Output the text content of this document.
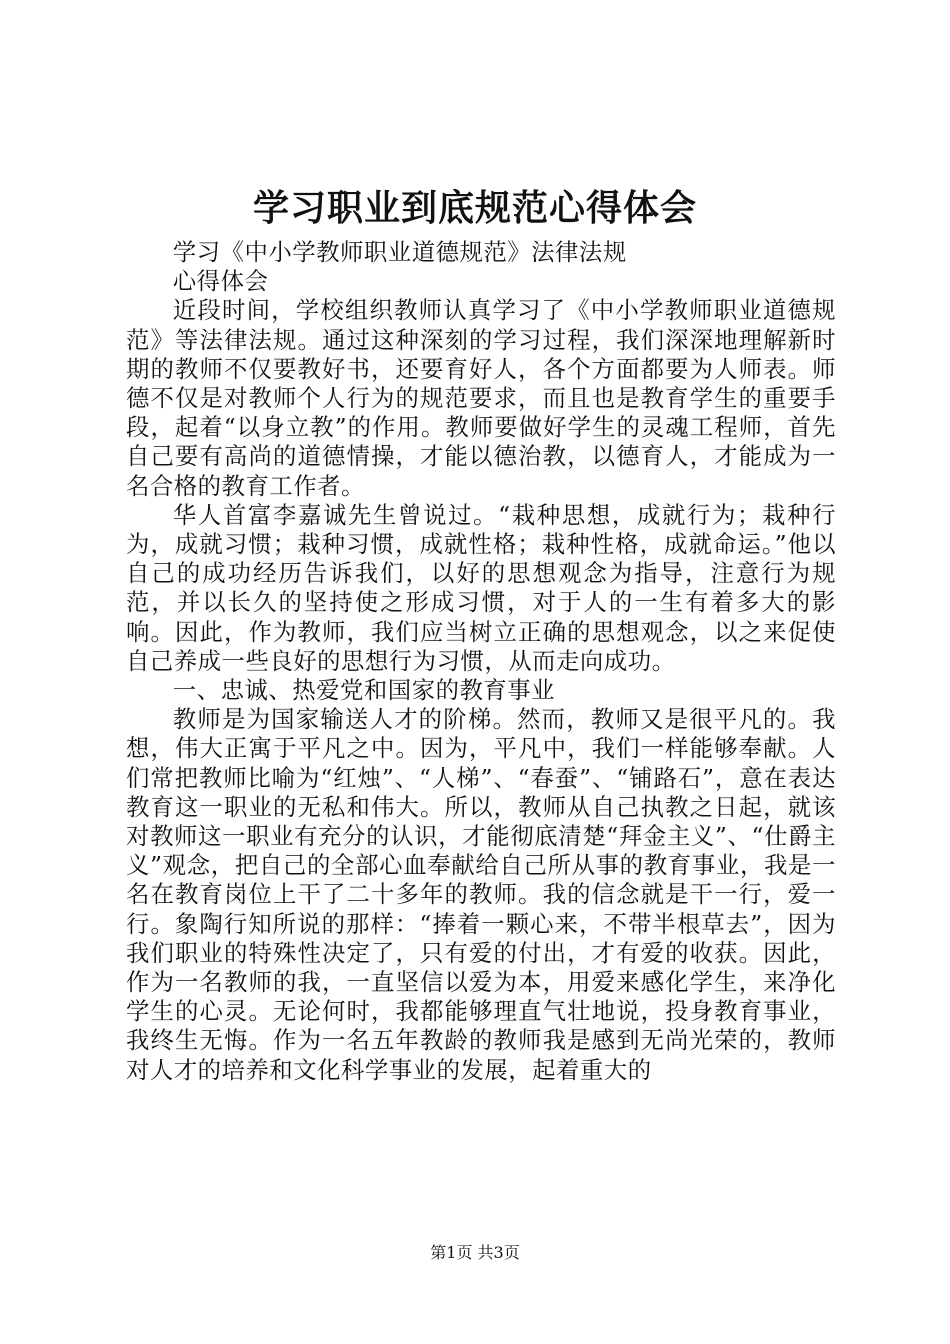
学习职业到底规范心得体会

学习《中小学教师职业道德规范》法律法规

心得体会

近段时间，学校组织教师认真学习了《中小学教师职业道德规范》等法律法规。通过这种深刻的学习过程，我们深深地理解新时期的教师不仅要教好书，还要育好人，各个方面都要为人师表。师德不仅是对教师个人行为的规范要求，而且也是教育学生的重要手段，起着“以身立教”的作用。教师要做好学生的灵魂工程师，首先自己要有高尚的道德情操，才能以德治教，以德育人，才能成为一名合格的教育工作者。

华人首富李嘉诚先生曾说过。“栽种思想，成就行为；栽种行为，成就习惯；栽种习惯，成就性格；栽种性格，成就命运。”他以自己的成功经历告诉我们，以好的思想观念为指导，注意行为规范，并以长久的坚持使之形成习惯，对于人的一生有着多大的影响。因此，作为教师，我们应当树立正确的思想观念，以之来促使自己养成一些良好的思想行为习惯，从而走向成功。

一、忠诚、热爱党和国家的教育事业

教师是为国家输送人才的阶梯。然而，教师又是很平凡的。我想，伟大正寓于平凡之中。因为，平凡中，我们一样能够奉献。人们常把教师比喻为“红烛”、“人梯”、“春蚕”、“铺路石”，意在表达教育这一职业的无私和伟大。所以，教师从自己执教之日起，就该对教师这一职业有充分的认识，才能彻底清楚“拜金主义”、“仕爵主义”观念，把自己的全部心血奉献给自己所从事的教育事业，我是一名在教育岗位上干了二十多年的教师。我的信念就是干一行，爱一行。象陶行知所说的那样：“捧着一颗心来，不带半根草去”，因为我们职业的特殊性决定了，只有爱的付出，才有爱的收获。因此，作为一名教师的我，一直坚信以爱为本，用爱来感化学生，来净化学生的心灵。无论何时，我都能够理直气壮地说，投身教育事业，我终生无悔。作为一名五年教龄的教师我是感到无尚光荣的，教师对人才的培养和文化科学事业的发展，起着重大的

第1页 共3页
